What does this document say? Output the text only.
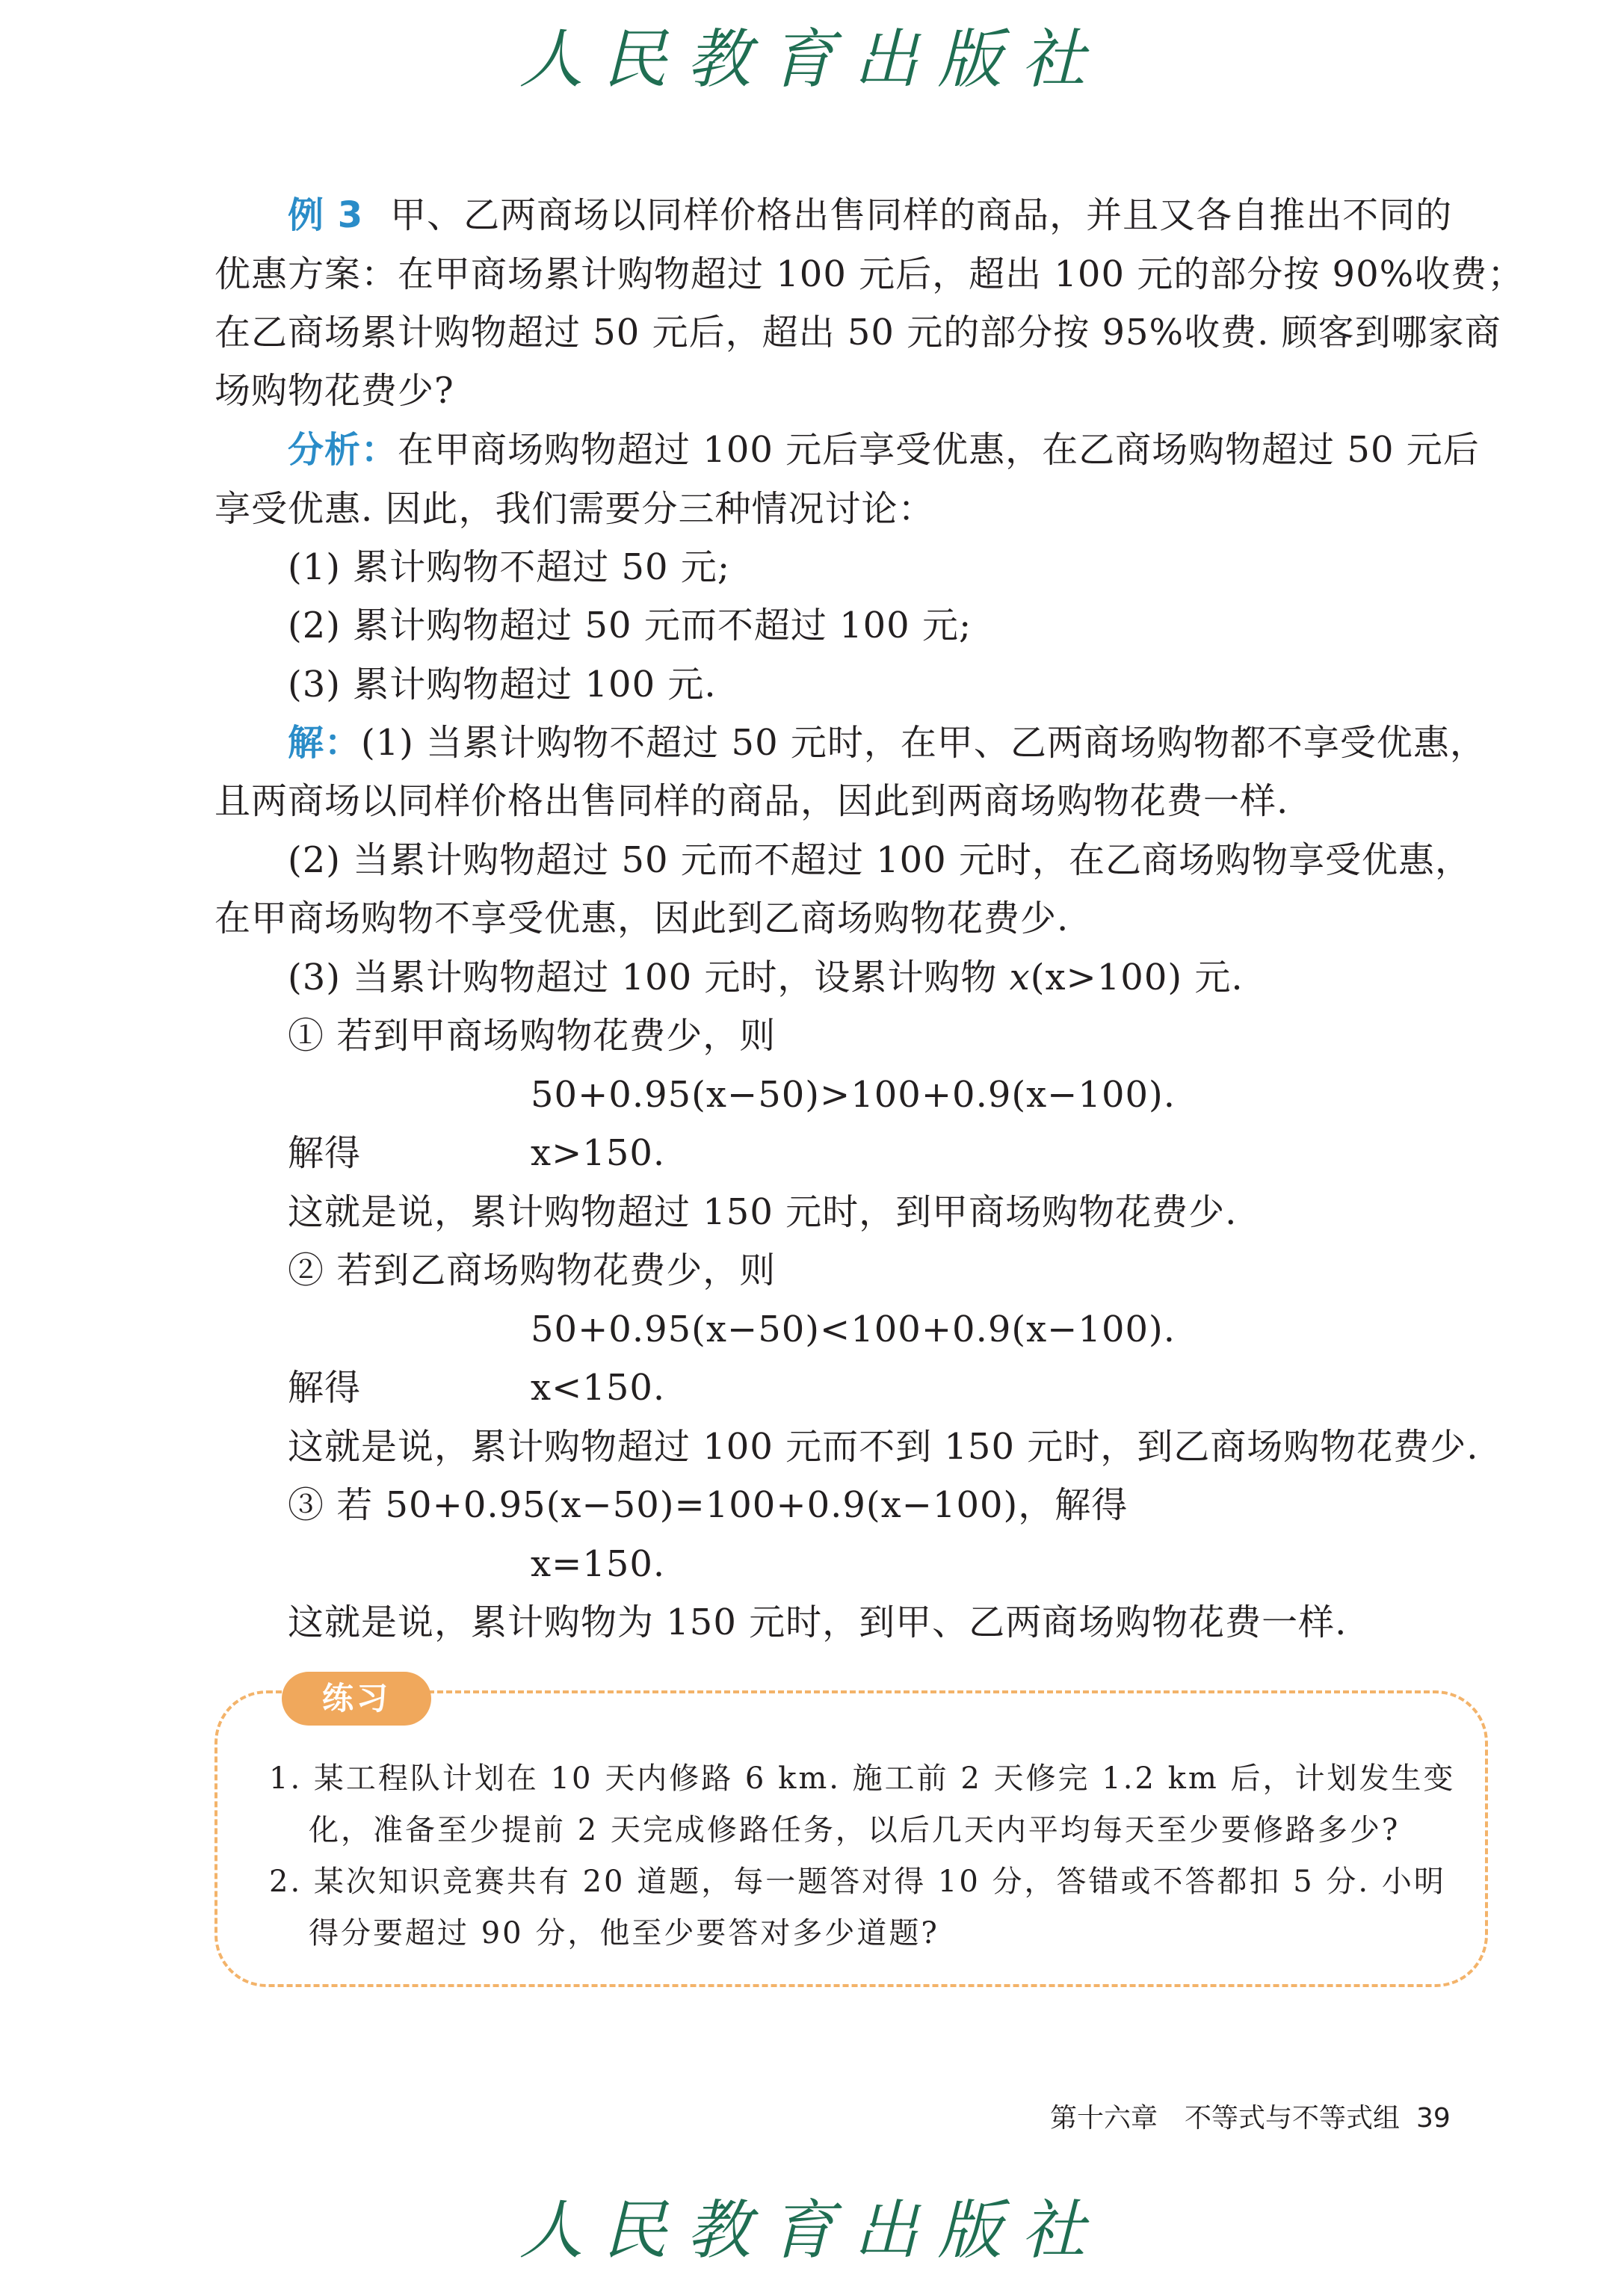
人民教育出版社
例 3 甲、乙两商场以同样价格出售同样的商品，并且又各自推出不同的
优惠方案：在甲商场累计购物超过 100 元后，超出 100 元的部分按 90%收费；
在乙商场累计购物超过 50 元后，超出 50 元的部分按 95%收费. 顾客到哪家商
场购物花费少?
分析：在甲商场购物超过 100 元后享受优惠，在乙商场购物超过 50 元后
享受优惠. 因此，我们需要分三种情况讨论：
(1) 累计购物不超过 50 元;
(2) 累计购物超过 50 元而不超过 100 元;
(3) 累计购物超过 100 元.
解：(1) 当累计购物不超过 50 元时，在甲、乙两商场购物都不享受优惠，
且两商场以同样价格出售同样的商品，因此到两商场购物花费一样.
(2) 当累计购物超过 50 元而不超过 100 元时，在乙商场购物享受优惠，
在甲商场购物不享受优惠，因此到乙商场购物花费少.
(3) 当累计购物超过 100 元时，设累计购物 x(x>100) 元.
① 若到甲商场购物花费少，则
50+0.95(x−50)>100+0.9(x−100).
解得	x>150.
这就是说，累计购物超过 150 元时，到甲商场购物花费少.
② 若到乙商场购物花费少，则
50+0.95(x−50)<100+0.9(x−100).
解得	x<150.
这就是说，累计购物超过 100 元而不到 150 元时，到乙商场购物花费少.
③ 若 50+0.95(x−50)=100+0.9(x−100)，解得
x=150.
这就是说，累计购物为 150 元时，到甲、乙两商场购物花费一样.
练习
1. 某工程队计划在 10 天内修路 6 km. 施工前 2 天修完 1.2 km 后，计划发生变
化，准备至少提前 2 天完成修路任务，以后几天内平均每天至少要修路多少?
2. 某次知识竞赛共有 20 道题，每一题答对得 10 分，答错或不答都扣 5 分. 小明
得分要超过 90 分，他至少要答对多少道题?
第十六章　不等式与不等式组 39
人民教育出版社
